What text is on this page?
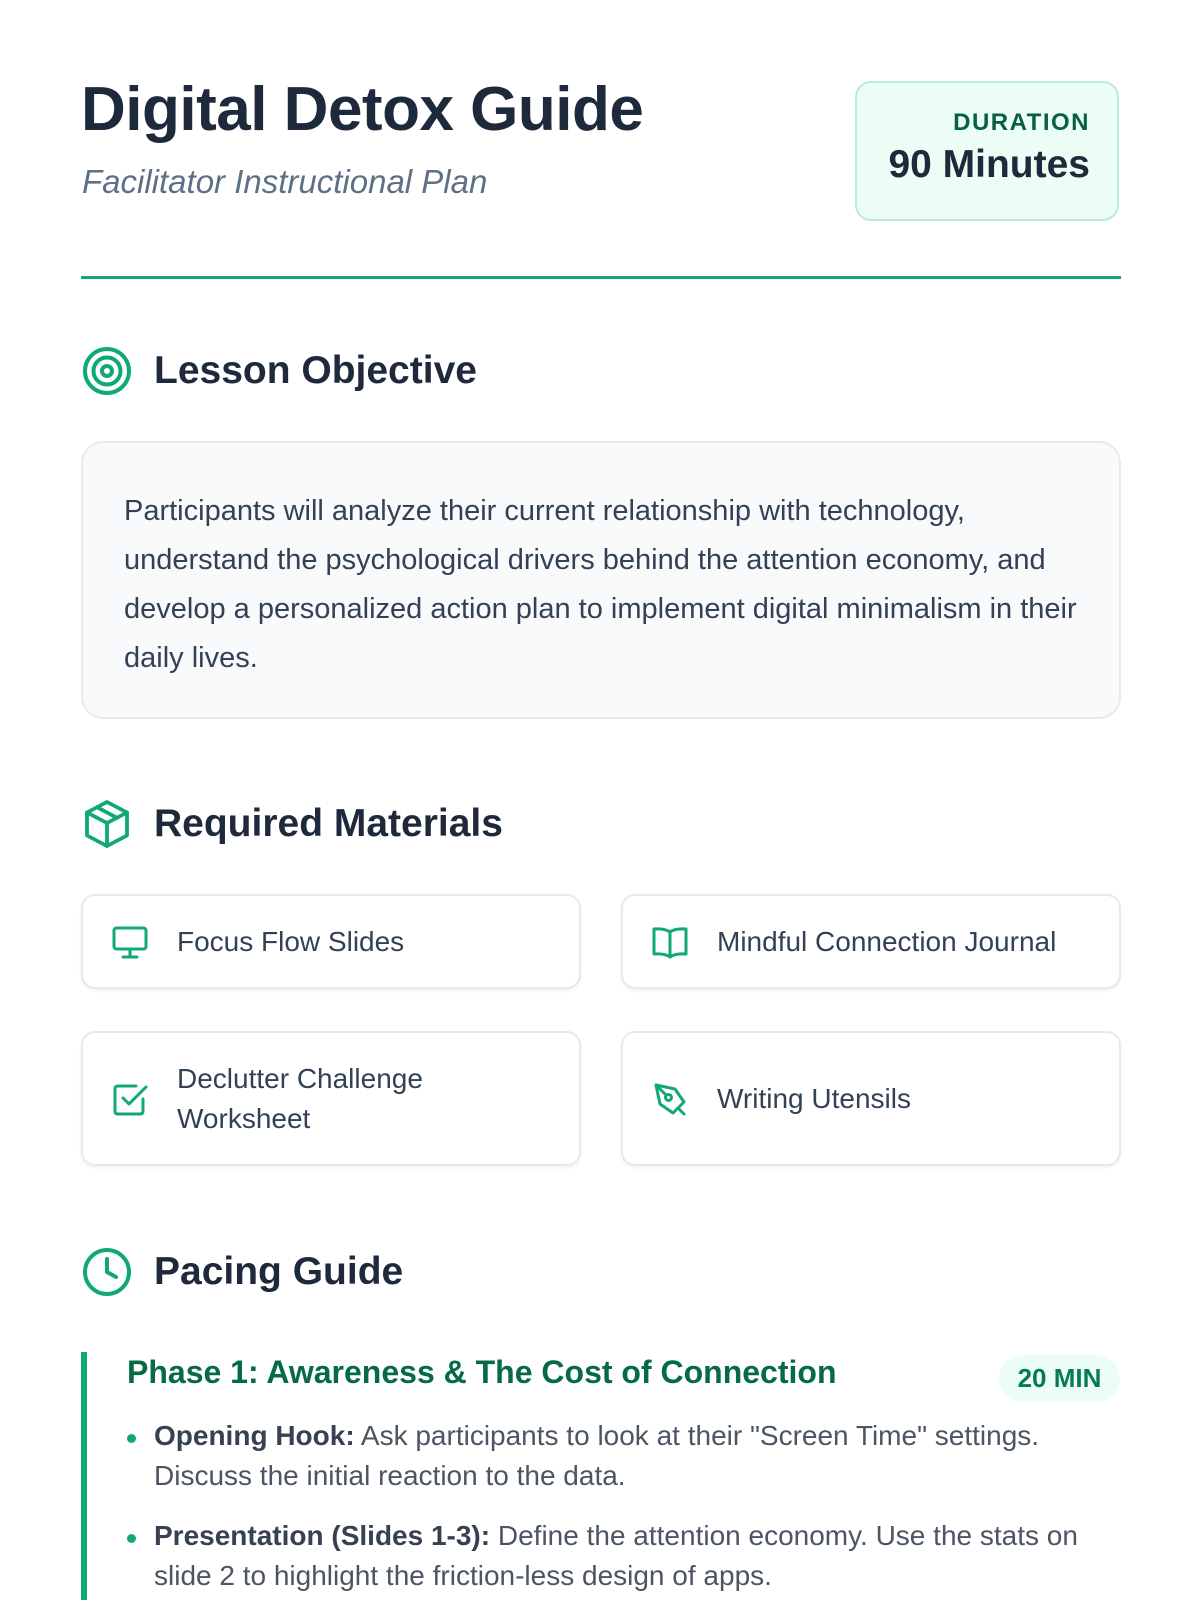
Digital Detox Guide

Facilitator Instructional Plan

DURATION
90 Minutes
Lesson Objective

Participants will analyze their current relationship with technology, understand the psychological drivers behind the attention economy, and develop a personalized action plan to implement digital minimalism in their daily lives.

Required Materials
Focus Flow Slides	Mindful Connection Journal
Declutter Challenge Worksheet
Writing Utensils
Pacing Guide
Phase 1: Awareness & The Cost of Connection	20 MIN

Opening Hook: Ask participants to look at their "Screen Time" settings. Discuss the initial reaction to the data.

Presentation (Slides 1-3): Define the attention economy. Use the stats on slide 2 to highlight the friction-less design of apps.
